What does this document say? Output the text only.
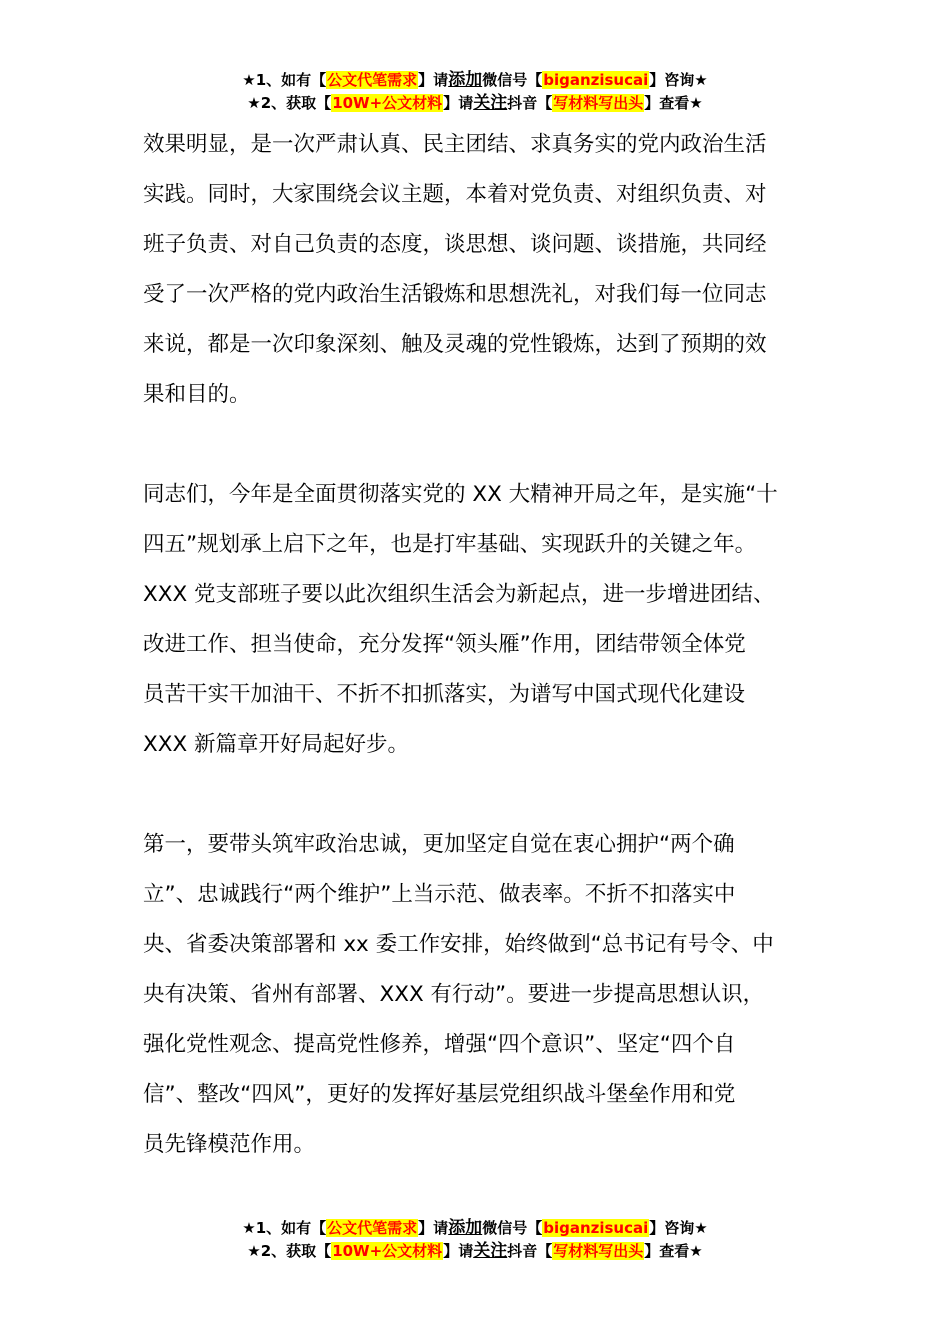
★1、如有【公文代笔需求】请添加微信号【biganzisucai】咨询★
★2、获取【10W+公文材料】请关注抖音【写材料写出头】查看★
效果明显，是一次严肃认真、民主团结、求真务实的党内政治生活
实践。同时，大家围绕会议主题，本着对党负责、对组织负责、对
班子负责、对自己负责的态度，谈思想、谈问题、谈措施，共同经
受了一次严格的党内政治生活锻炼和思想洗礼，对我们每一位同志
来说，都是一次印象深刻、触及灵魂的党性锻炼，达到了预期的效
果和目的。
同志们，今年是全面贯彻落实党的 XX 大精神开局之年，是实施“十
四五”规划承上启下之年，也是打牢基础、实现跃升的关键之年。
XXX 党支部班子要以此次组织生活会为新起点，进一步增进团结、
改进工作、担当使命，充分发挥“领头雁”作用，团结带领全体党
员苦干实干加油干、不折不扣抓落实，为谱写中国式现代化建设
XXX 新篇章开好局起好步。
第一，要带头筑牢政治忠诚，更加坚定自觉在衷心拥护“两个确
立”、忠诚践行“两个维护”上当示范、做表率。不折不扣落实中
央、省委决策部署和 xx 委工作安排，始终做到“总书记有号令、中
央有决策、省州有部署、XXX 有行动”。要进一步提高思想认识，
强化党性观念、提高党性修养，增强“四个意识”、坚定“四个自
信”、整改“四风”，更好的发挥好基层党组织战斗堡垒作用和党
员先锋模范作用。
★1、如有【公文代笔需求】请添加微信号【biganzisucai】咨询★
★2、获取【10W+公文材料】请关注抖音【写材料写出头】查看★
